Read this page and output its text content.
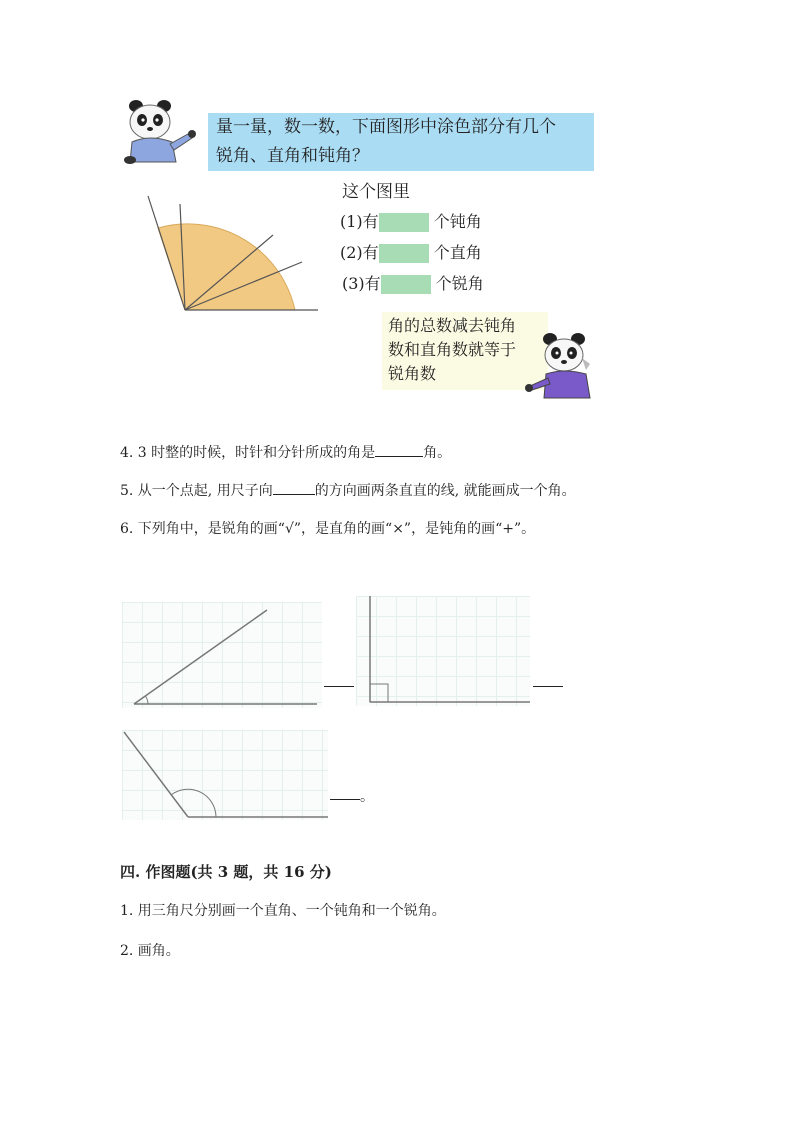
量一量，数一数，下面图形中涂色部分有几个
锐角、直角和钝角？
这个图里
(1)有	个钝角
(2)有	个直角
(3)有	个锐角
角的总数减去钝角
数和直角数就等于
锐角数
4. 3 时整的时候，时针和分针所成的角是	角。
5. 从一个点起, 用尺子向	的方向画两条直直的线, 就能画成一个角。
6. 下列角中，是锐角的画“√”，是直角的画“×”，是钝角的画“+”。
。
四. 作图题(共 3 题，共 16 分)
1. 用三角尺分别画一个直角、一个钝角和一个锐角。
2. 画角。
